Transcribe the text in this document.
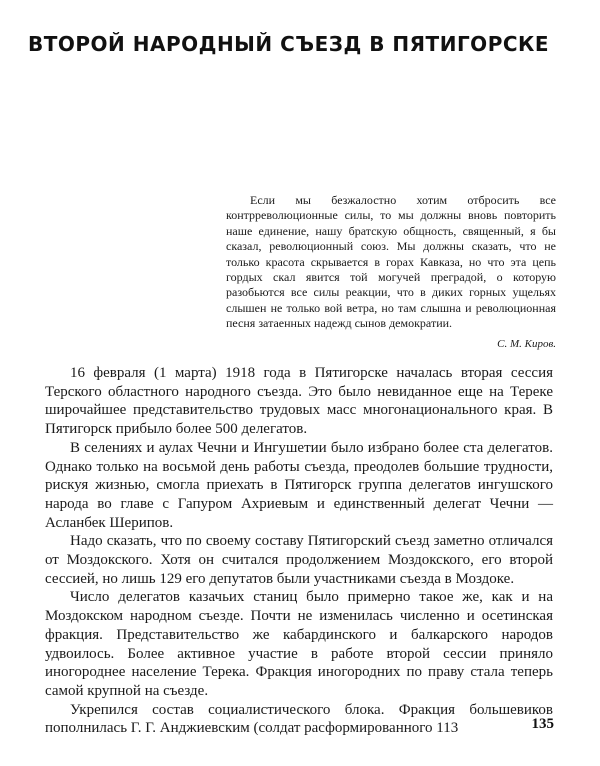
ВТОРОЙ НАРОДНЫЙ СЪЕЗД В ПЯТИГОРСКЕ

Если мы безжалостно хотим отбросить все контрреволюционные силы, то мы должны вновь повторить наше единение, нашу братскую общность, священный, я бы сказал, революционный союз. Мы должны сказать, что не только красота скрывается в горах Кавказа, но что эта цепь гордых скал явится той могучей преградой, о которую разобьются все силы реакции, что в диких горных ущельях слышен не только вой ветра, но там слышна и революционная песня затаенных надежд сынов демократии.

С. М. Киров.

16 февраля (1 марта) 1918 года в Пятигорске началась вторая сессия Терского областного народного съезда. Это было невиданное еще на Тереке широчайшее представительство трудовых масс многонационального края. В Пятигорск прибыло более 500 делегатов.

В селениях и аулах Чечни и Ингушетии было избрано более ста делегатов. Однако только на восьмой день работы съезда, преодолев большие трудности, рискуя жизнью, смогла приехать в Пятигорск группа делегатов ингушского народа во главе с Гапуром Ахриевым и единственный делегат Чечни — Асланбек Шерипов.

Надо сказать, что по своему составу Пятигорский съезд заметно отличался от Моздокского. Хотя он считался продолжением Моздокского, его второй сессией, но лишь 129 его депутатов были участниками съезда в Моздоке.

Число делегатов казачьих станиц было примерно такое же, как и на Моздокском народном съезде. Почти не изменилась численно и осетинская фракция. Представительство же кабардинского и балкарского народов удвоилось. Более активное участие в работе второй сессии приняло иногороднее население Терека. Фракция иногородних по праву стала теперь самой крупной на съезде.

Укрепился состав социалистического блока. Фракция большевиков пополнилась Г. Г. Анджиевским (солдат расформированного 113	135
